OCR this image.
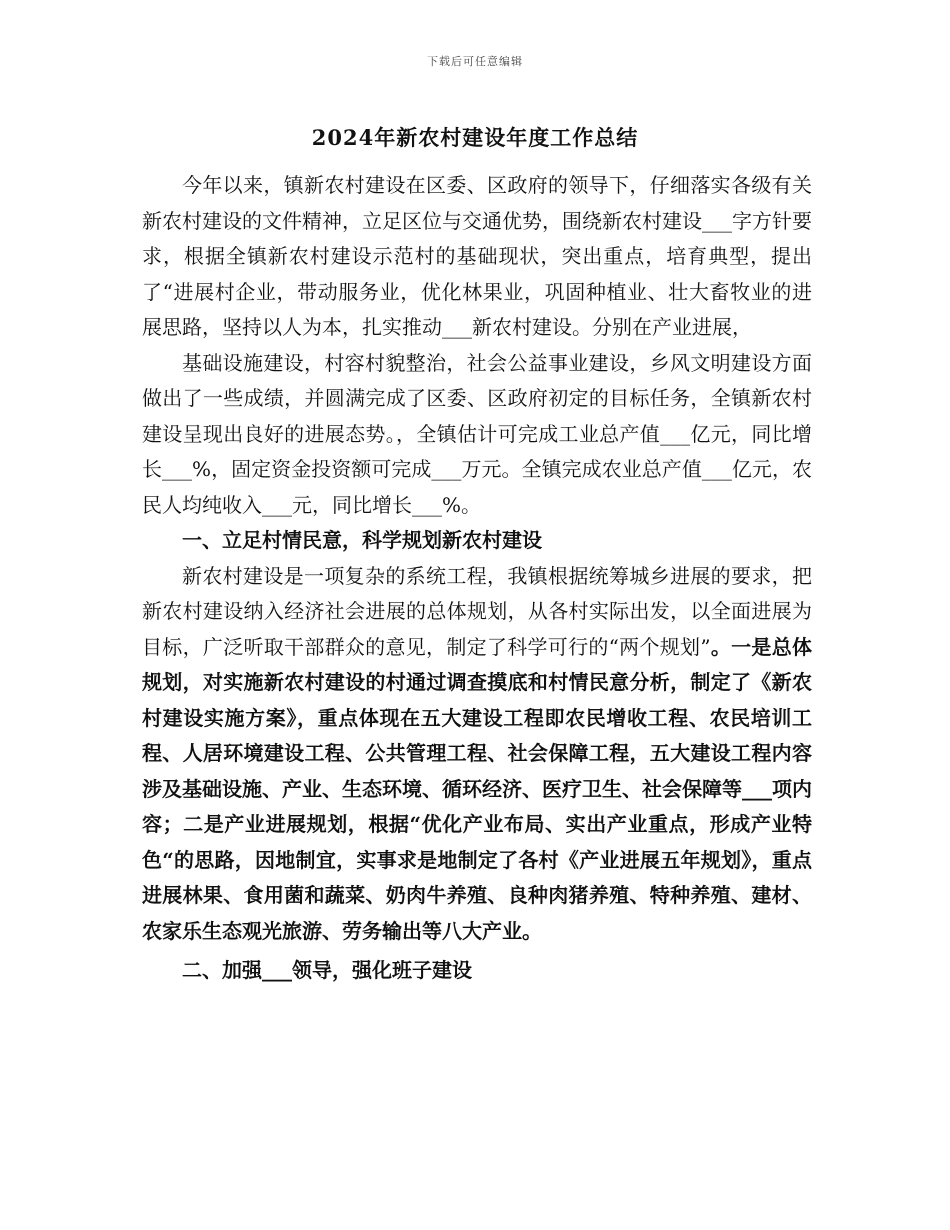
下载后可任意编辑
2024年新农村建设年度工作总结

今年以来，镇新农村建设在区委、区政府的领导下，仔细落实各级有关新农村建设的文件精神，立足区位与交通优势，围绕新农村建设___字方针要求，根据全镇新农村建设示范村的基础现状，突出重点，培育典型，提出了“进展村企业，带动服务业，优化林果业，巩固种植业、壮大畜牧业的进展思路，坚持以人为本，扎实推动___新农村建设。分别在产业进展，

基础设施建设，村容村貌整治，社会公益事业建设，乡风文明建设方面做出了一些成绩，并圆满完成了区委、区政府初定的目标任务，全镇新农村建设呈现出良好的进展态势。，全镇估计可完成工业总产值___亿元，同比增长___%，固定资金投资额可完成___万元。全镇完成农业总产值___亿元，农民人均纯收入___元，同比增长___%。

一、立足村情民意，科学规划新农村建设

新农村建设是一项复杂的系统工程，我镇根据统筹城乡进展的要求，把新农村建设纳入经济社会进展的总体规划，从各村实际出发，以全面进展为目标，广泛听取干部群众的意见，制定了科学可行的“两个规划”。一是总体规划，对实施新农村建设的村通过调查摸底和村情民意分析，制定了《新农村建设实施方案》，重点体现在五大建设工程即农民增收工程、农民培训工程、人居环境建设工程、公共管理工程、社会保障工程，五大建设工程内容涉及基础设施、产业、生态环境、循环经济、医疗卫生、社会保障等___项内容；二是产业进展规划，根据“优化产业布局、实出产业重点，形成产业特色“的思路，因地制宜，实事求是地制定了各村《产业进展五年规划》，重点进展林果、食用菌和蔬菜、奶肉牛养殖、良种肉猪养殖、特种养殖、建材、农家乐生态观光旅游、劳务输出等八大产业。

二、加强___领导，强化班子建设
